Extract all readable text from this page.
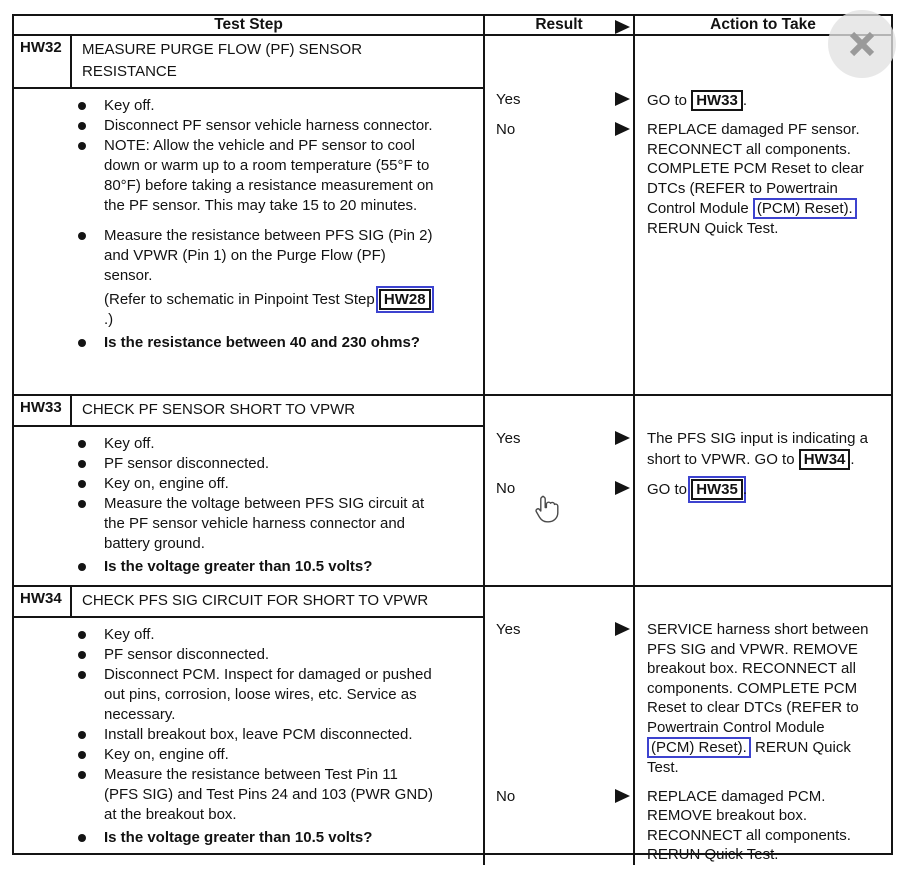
Test Step	Result	Action to Take
HW32	MEASURE PURGE FLOW (PF) SENSOR RESISTANCE
Key off.
Disconnect PF sensor vehicle harness connector.
NOTE: Allow the vehicle and PF sensor to cool down or warm up to a room temperature (55°F to 80°F) before taking a resistance measurement on the PF sensor. This may take 15 to 20 minutes.
Measure the resistance between PFS SIG (Pin 2) and VPWR (Pin 1) on the Purge Flow (PF) sensor.
(Refer to schematic in Pinpoint Test Step HW28.)
Is the resistance between 40 and 230 ohms?
Yes	GO to HW33 .
No	REPLACE damaged PF sensor. RECONNECT all components. COMPLETE PCM Reset to clear DTCs (REFER to Powertrain Control Module (PCM) Reset). RERUN Quick Test.
HW33	CHECK PF SENSOR SHORT TO VPWR
Key off.
PF sensor disconnected.
Key on, engine off.
Measure the voltage between PFS SIG circuit at the PF sensor vehicle harness connector and battery ground.
Is the voltage greater than 10.5 volts?
Yes	The PFS SIG input is indicating a short to VPWR. GO to HW34 .
No	GO to HW35 .
HW34	CHECK PFS SIG CIRCUIT FOR SHORT TO VPWR
Key off.
PF sensor disconnected.
Disconnect PCM. Inspect for damaged or pushed out pins, corrosion, loose wires, etc. Service as necessary.
Install breakout box, leave PCM disconnected.
Key on, engine off.
Measure the resistance between Test Pin 11 (PFS SIG) and Test Pins 24 and 103 (PWR GND) at the breakout box.
Is the voltage greater than 10.5 volts?
Yes	SERVICE harness short between PFS SIG and VPWR. REMOVE breakout box. RECONNECT all components. COMPLETE PCM Reset to clear DTCs (REFER to Powertrain Control Module (PCM) Reset). RERUN Quick Test.
No	REPLACE damaged PCM. REMOVE breakout box. RECONNECT all components. RERUN Quick Test.
